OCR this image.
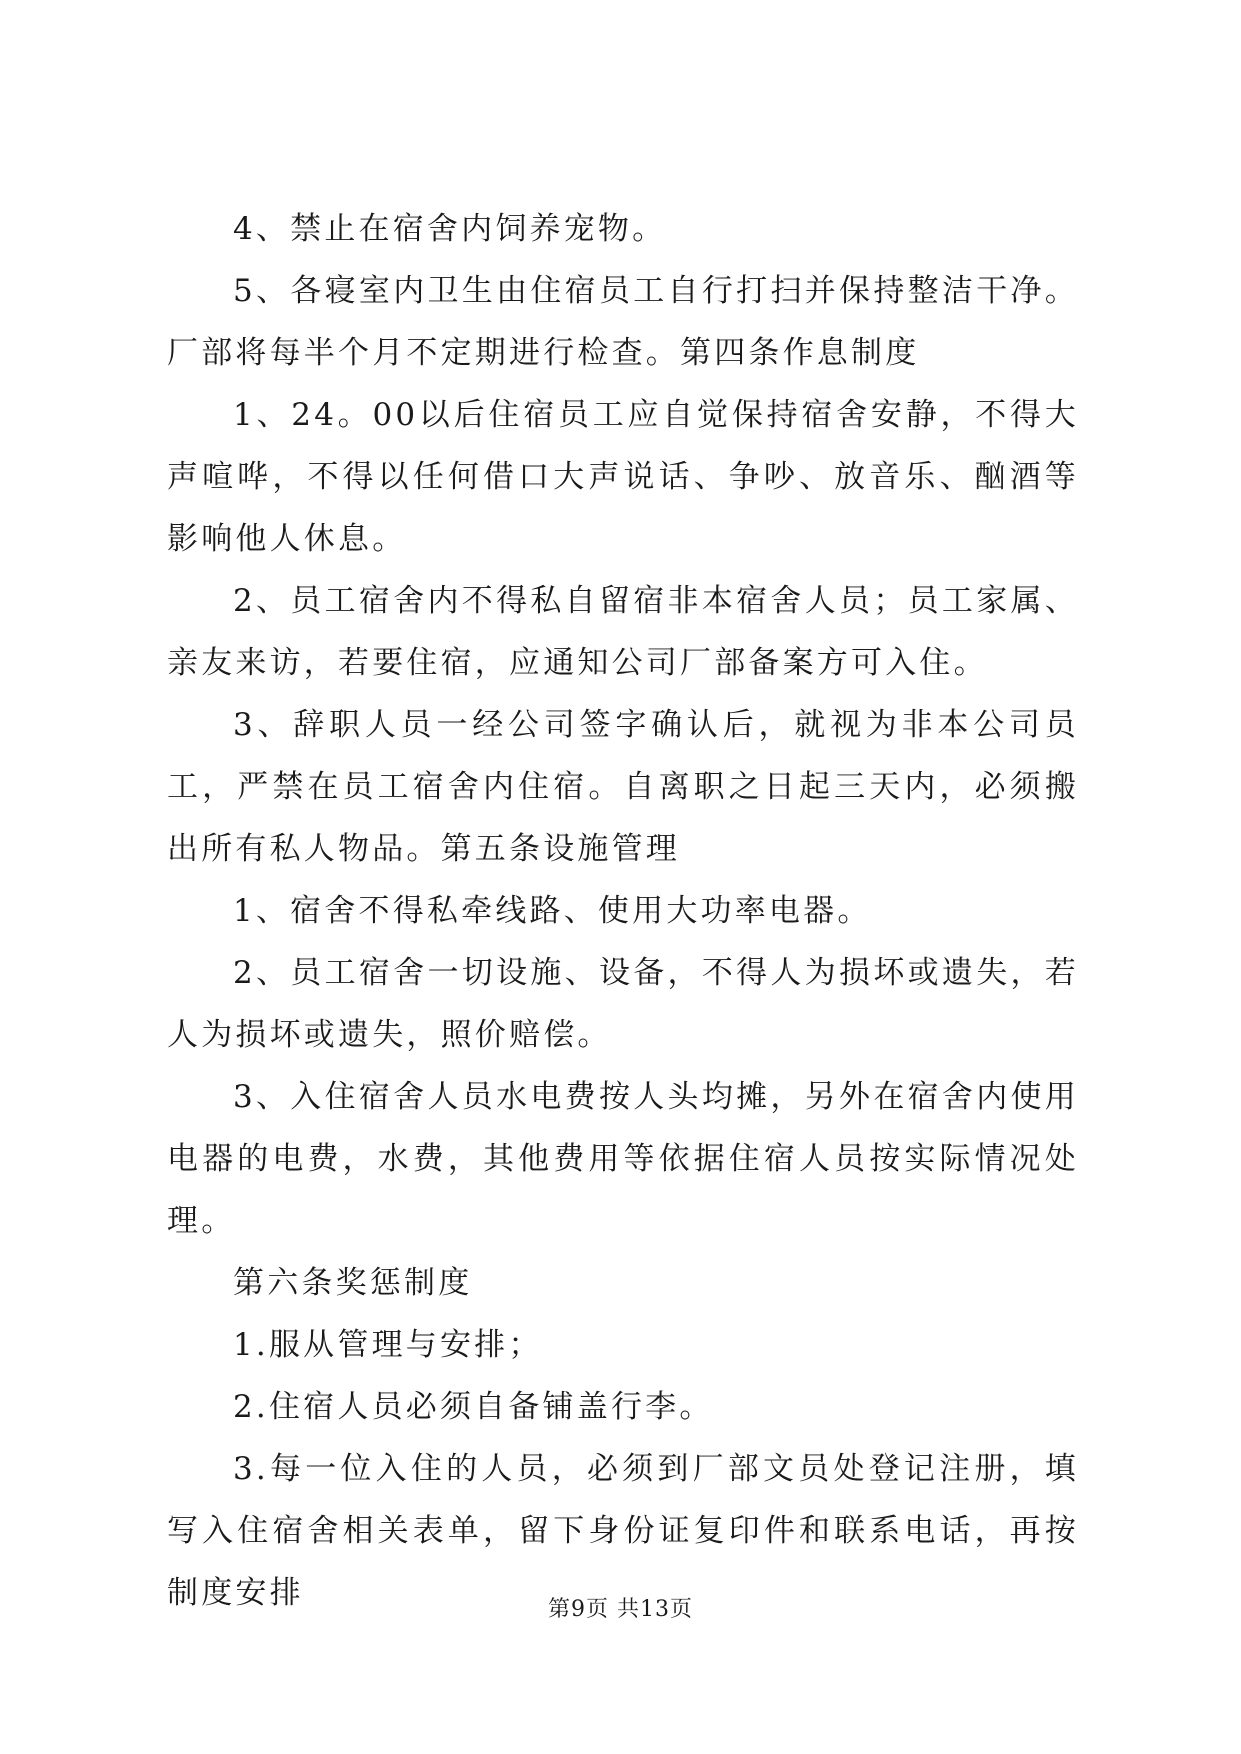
4、禁止在宿舍内饲养宠物。

5、各寝室内卫生由住宿员工自行打扫并保持整洁干净。厂部将每半个月不定期进行检查。第四条作息制度

1、24。00以后住宿员工应自觉保持宿舍安静，不得大声喧哗，不得以任何借口大声说话、争吵、放音乐、酗酒等影响他人休息。

2、员工宿舍内不得私自留宿非本宿舍人员；员工家属、亲友来访，若要住宿，应通知公司厂部备案方可入住。

3、辞职人员一经公司签字确认后，就视为非本公司员工，严禁在员工宿舍内住宿。自离职之日起三天内，必须搬出所有私人物品。第五条设施管理

1、宿舍不得私牵线路、使用大功率电器。

2、员工宿舍一切设施、设备，不得人为损坏或遗失，若人为损坏或遗失，照价赔偿。

3、入住宿舍人员水电费按人头均摊，另外在宿舍内使用电器的电费，水费，其他费用等依据住宿人员按实际情况处理。

第六条奖惩制度

1.服从管理与安排；

2.住宿人员必须自备铺盖行李。

3.每一位入住的人员，必须到厂部文员处登记注册，填写入住宿舍相关表单，留下身份证复印件和联系电话，再按制度安排	第9页 共13页
